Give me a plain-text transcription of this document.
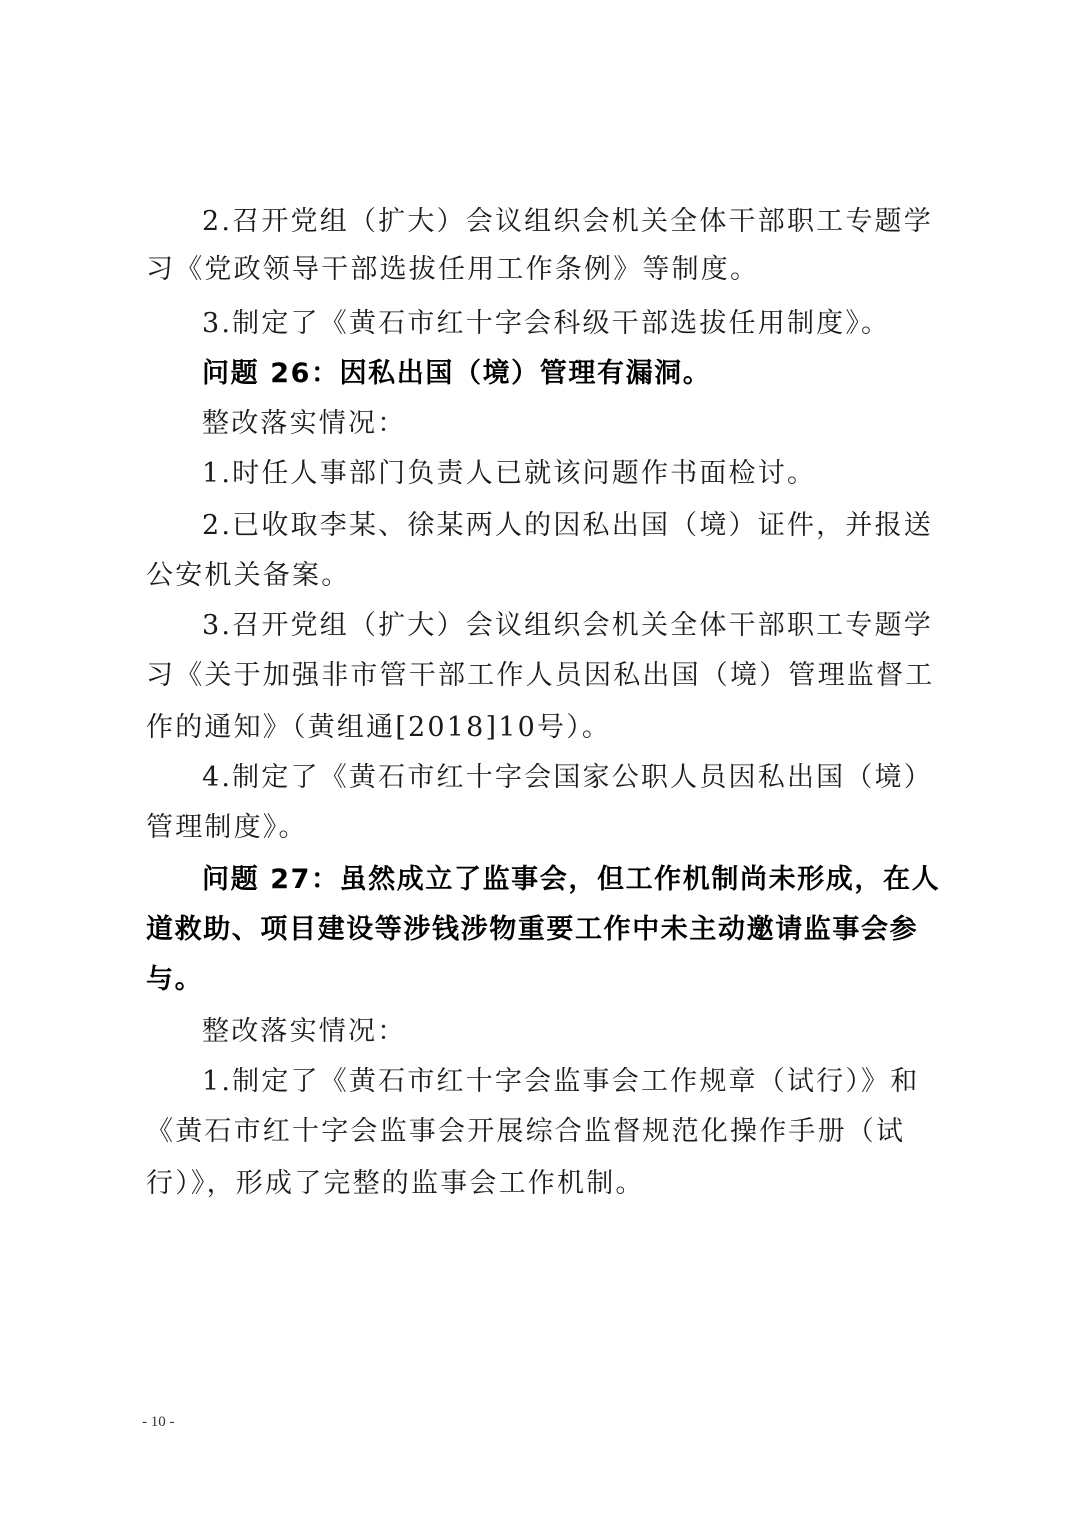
2.召开党组（扩大）会议组织会机关全体干部职工专题学
习《党政领导干部选拔任用工作条例》等制度。
3.制定了《黄石市红十字会科级干部选拔任用制度》。
问题 26：因私出国（境）管理有漏洞。
整改落实情况：
1.时任人事部门负责人已就该问题作书面检讨。
2.已收取李某、徐某两人的因私出国（境）证件，并报送
公安机关备案。
3.召开党组（扩大）会议组织会机关全体干部职工专题学
习《关于加强非市管干部工作人员因私出国（境）管理监督工
作的通知》（黄组通[2018]10号）。
4.制定了《黄石市红十字会国家公职人员因私出国（境）
管理制度》。
问题 27：虽然成立了监事会，但工作机制尚未形成，在人
道救助、项目建设等涉钱涉物重要工作中未主动邀请监事会参
与。
整改落实情况：
1.制定了《黄石市红十字会监事会工作规章（试行）》和
《黄石市红十字会监事会开展综合监督规范化操作手册（试
行）》，形成了完整的监事会工作机制。
- 10 -
